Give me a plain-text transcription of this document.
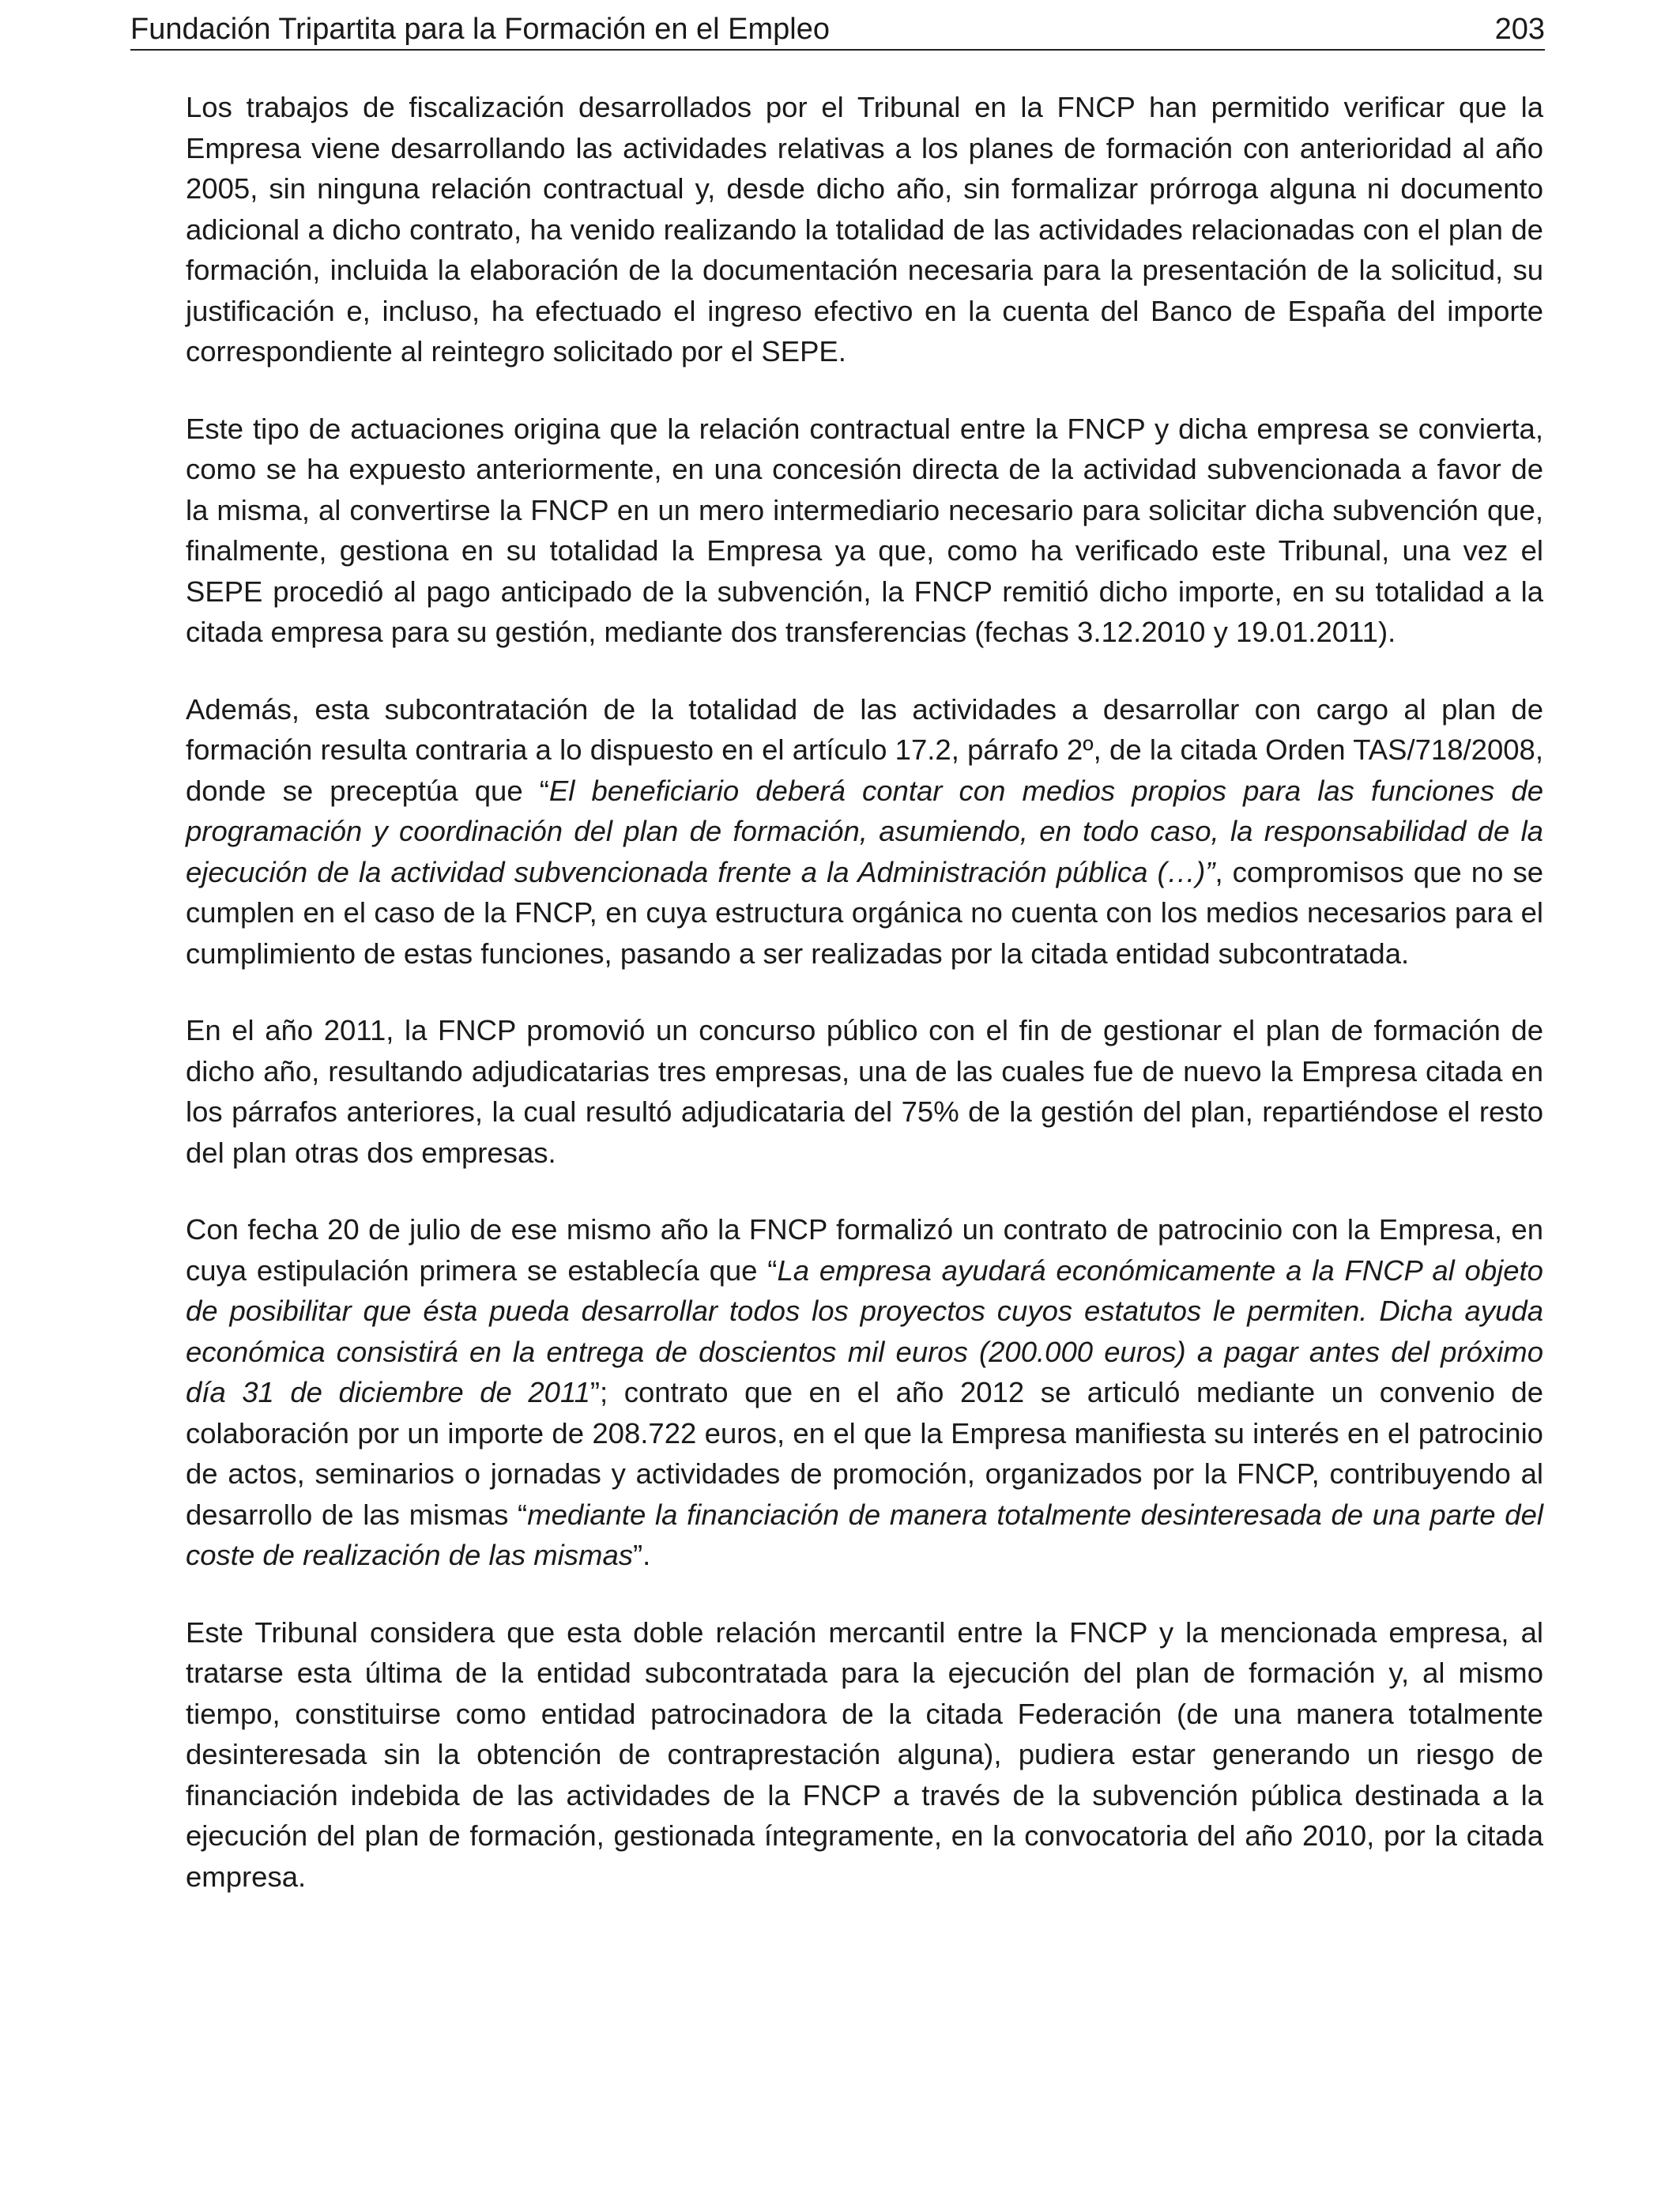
Fundación Tripartita para la Formación en el Empleo	203

Los trabajos de fiscalización desarrollados por el Tribunal en la FNCP han permitido verificar que la Empresa viene desarrollando las actividades relativas a los planes de formación con anterioridad al año 2005, sin ninguna relación contractual y, desde dicho año, sin formalizar prórroga alguna ni documento adicional a dicho contrato, ha venido realizando la totalidad de las actividades relacionadas con el plan de formación, incluida la elaboración de la documentación necesaria para la presentación de la solicitud, su justificación e, incluso, ha efectuado el ingreso efectivo en la cuenta del Banco de España del importe correspondiente al reintegro solicitado por el SEPE.

Este tipo de actuaciones origina que la relación contractual entre la FNCP y dicha empresa se convierta, como se ha expuesto anteriormente, en una concesión directa de la actividad subvencionada a favor de la misma, al convertirse la FNCP en un mero intermediario necesario para solicitar dicha subvención que, finalmente, gestiona en su totalidad la Empresa ya que, como ha verificado este Tribunal, una vez el SEPE procedió al pago anticipado de la subvención, la FNCP remitió dicho importe, en su totalidad a la citada empresa para su gestión, mediante dos transferencias (fechas 3.12.2010 y 19.01.2011).

Además, esta subcontratación de la totalidad de las actividades a desarrollar con cargo al plan de formación resulta contraria a lo dispuesto en el artículo 17.2, párrafo 2º, de la citada Orden TAS/718/2008, donde se preceptúa que “El beneficiario deberá contar con medios propios para las funciones de programación y coordinación del plan de formación, asumiendo, en todo caso, la responsabilidad de la ejecución de la actividad subvencionada frente a la Administración pública (…)”, compromisos que no se cumplen en el caso de la FNCP, en cuya estructura orgánica no cuenta con los medios necesarios para el cumplimiento de estas funciones, pasando a ser realizadas por la citada entidad subcontratada.

En el año 2011, la FNCP promovió un concurso público con el fin de gestionar el plan de formación de dicho año, resultando adjudicatarias tres empresas, una de las cuales fue de nuevo la Empresa citada en los párrafos anteriores, la cual resultó adjudicataria del 75% de la gestión del plan, repartiéndose el resto del plan otras dos empresas.

Con fecha 20 de julio de ese mismo año la FNCP formalizó un contrato de patrocinio con la Empresa, en cuya estipulación primera se establecía que “La empresa ayudará económicamente a la FNCP al objeto de posibilitar que ésta pueda desarrollar todos los proyectos cuyos estatutos le permiten. Dicha ayuda económica consistirá en la entrega de doscientos mil euros (200.000 euros) a pagar antes del próximo día 31 de diciembre de 2011”; contrato que en el año 2012 se articuló mediante un convenio de colaboración por un importe de 208.722 euros, en el que la Empresa manifiesta su interés en el patrocinio de actos, seminarios o jornadas y actividades de promoción, organizados por la FNCP, contribuyendo al desarrollo de las mismas “mediante la financiación de manera totalmente desinteresada de una parte del coste de realización de las mismas”.

Este Tribunal considera que esta doble relación mercantil entre la FNCP y la mencionada empresa, al tratarse esta última de la entidad subcontratada para la ejecución del plan de formación y, al mismo tiempo, constituirse como entidad patrocinadora de la citada Federación (de una manera totalmente desinteresada sin la obtención de contraprestación alguna), pudiera estar generando un riesgo de financiación indebida de las actividades de la FNCP a través de la subvención pública destinada a la ejecución del plan de formación, gestionada íntegramente, en la convocatoria del año 2010, por la citada empresa.
